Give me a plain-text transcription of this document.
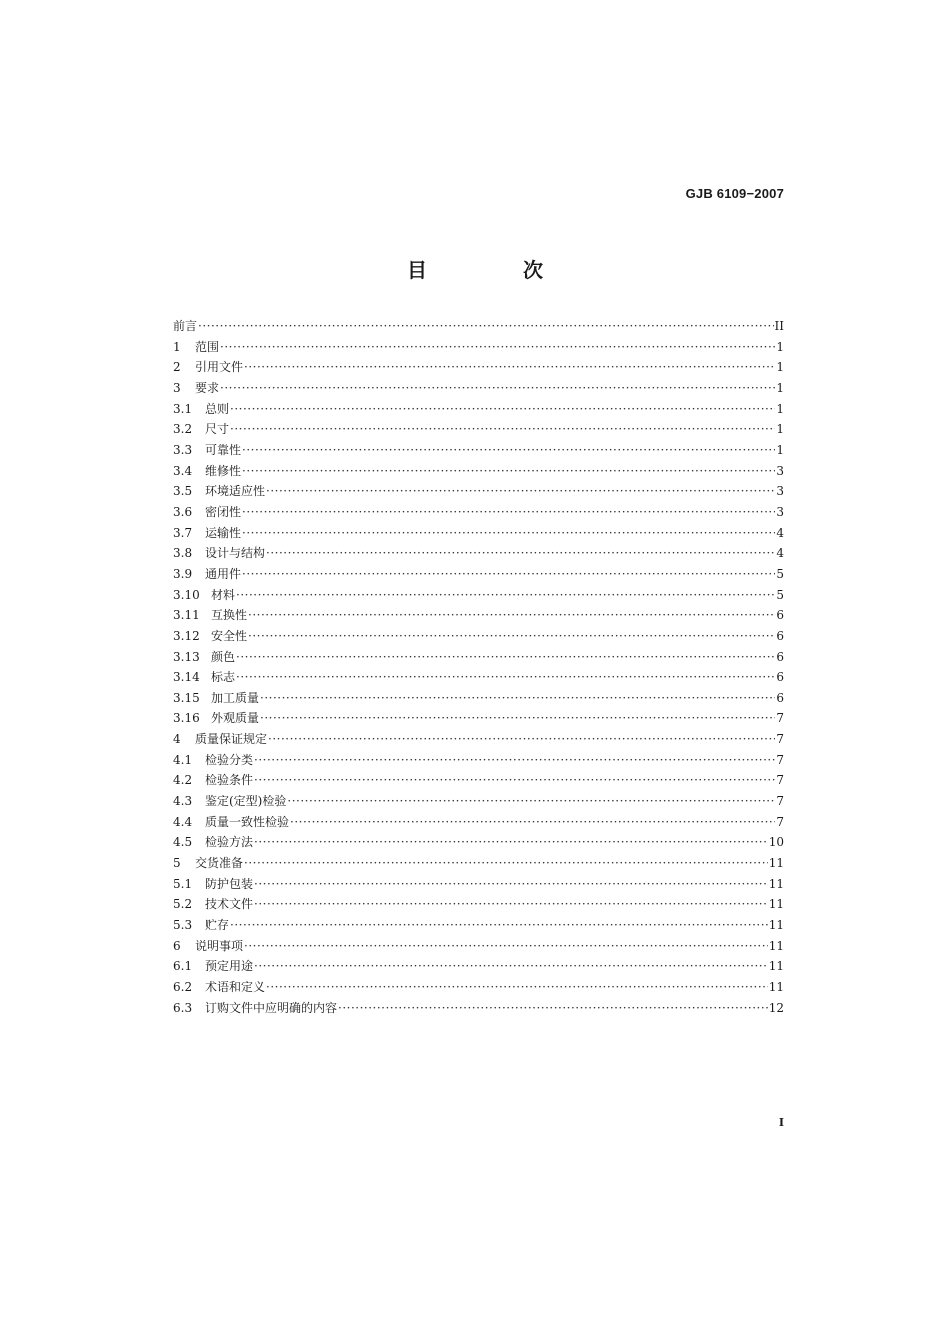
GJB 6109−2007
目　次
前言 ·····	II
1	范围 ·····	1
2	引用文件 ·····	1
3	要求 ·····	1
3.1	总则 ·····	1
3.2	尺寸 ·····	1
3.3	可靠性 ·····	1
3.4	维修性 ·····	3
3.5	环境适应性 ·····	3
3.6	密闭性 ·····	3
3.7	运输性 ·····	4
3.8	设计与结构 ·····	4
3.9	通用件 ·····	5
3.10 材料 ·····	5
3.11 互换性 ·····	6
3.12 安全性 ·····	6
3.13 颜色 ·····	6
3.14 标志 ·····	6
3.15 加工质量 ·····	6
3.16 外观质量 ·····	7
4	质量保证规定 ·····	7
4.1	检验分类 ·····	7
4.2	检验条件 ·····	7
4.3	鉴定(定型)检验 ·····	7
4.4	质量一致性检验 ·····	7
4.5	检验方法 ·····	10
5	交货准备 ·····	11
5.1	防护包装 ·····	11
5.2	技术文件 ·····	11
5.3	贮存 ·····	11
6	说明事项 ·····	11
6.1	预定用途 ·····	11
6.2	术语和定义 ·····	11
6.3	订购文件中应明确的内容 ·····	12
I
